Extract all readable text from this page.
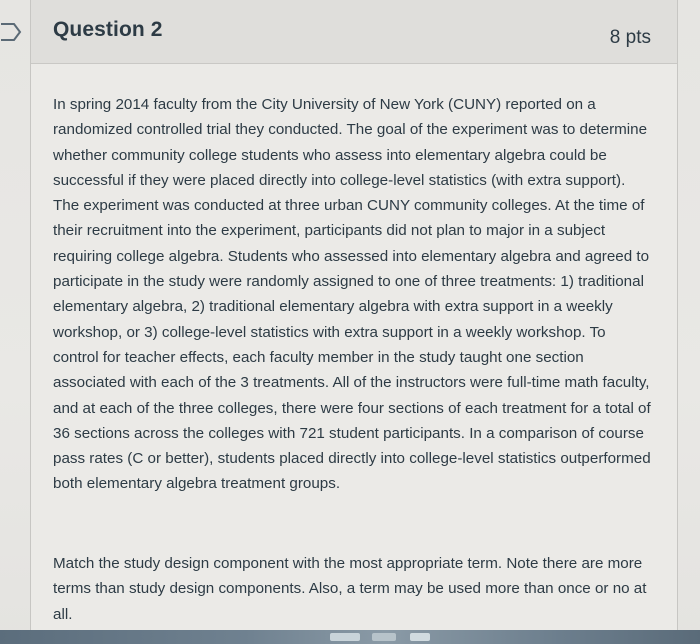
Question 2	8 pts

In spring 2014 faculty from the City University of New York (CUNY) reported on a randomized controlled trial they conducted. The goal of the experiment was to determine whether community college students who assess into elementary algebra could be successful if they were placed directly into college-level statistics (with extra support). The experiment was conducted at three urban CUNY community colleges. At the time of their recruitment into the experiment, participants did not plan to major in a subject requiring college algebra. Students who assessed into elementary algebra and agreed to participate in the study were randomly assigned to one of three treatments: 1) traditional elementary algebra, 2) traditional elementary algebra with extra support in a weekly workshop, or 3) college-level statistics with extra support in a weekly workshop. To control for teacher effects, each faculty member in the study taught one section associated with each of the 3 treatments. All of the instructors were full-time math faculty, and at each of the three colleges, there were four sections of each treatment for a total of 36 sections across the colleges with 721 student participants. In a comparison of course pass rates (C or better), students placed directly into college-level statistics outperformed both elementary algebra treatment groups.

Match the study design component with the most appropriate term. Note there are more terms than study design components. Also, a term may be used more than once or no at all.
